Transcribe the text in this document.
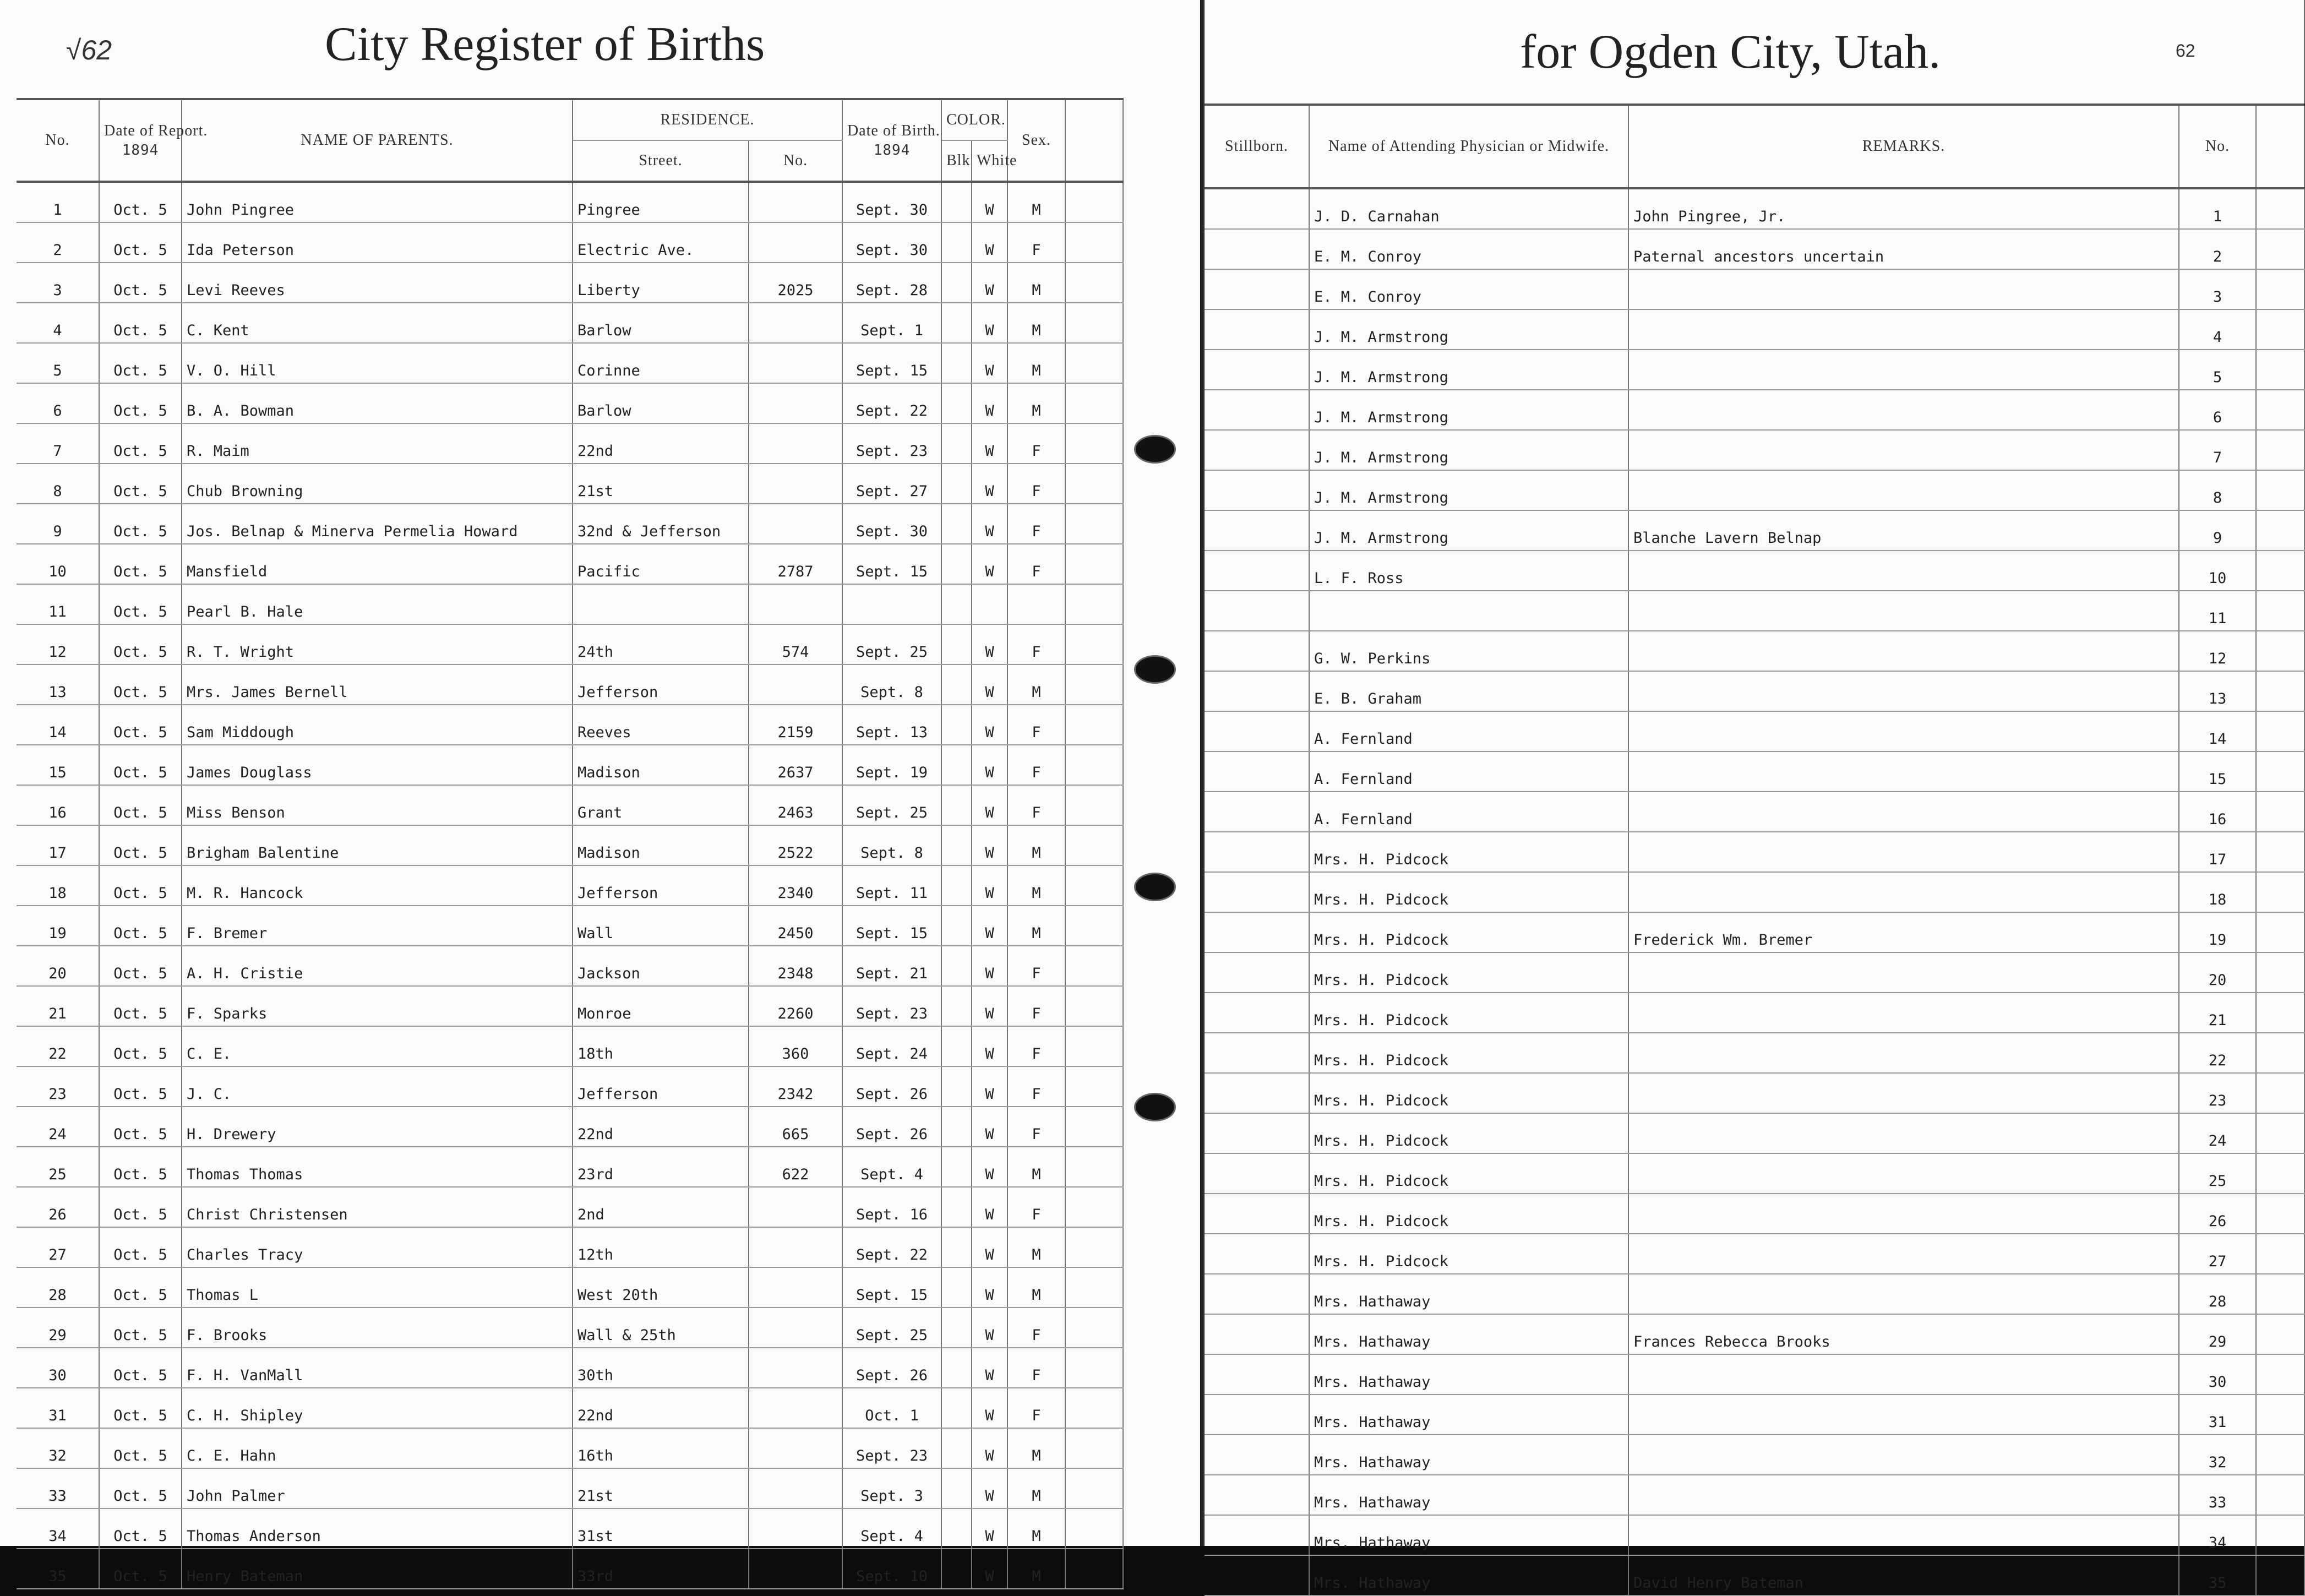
√62	City Register of Births
No.	Date of Report.
1894	NAME OF PARENTS.	RESIDENCE.		Date of Birth.
1894	COLOR.		Sex.	
			Street.	No.		Blk	White		
1	Oct. 5	John Pingree	Pingree		Sept. 30		W	M	
2	Oct. 5	Ida Peterson	Electric Ave.		Sept. 30		W	F	
3	Oct. 5	Levi Reeves	Liberty	2025	Sept. 28		W	M	
4	Oct. 5	C. Kent	Barlow		Sept. 1		W	M	
5	Oct. 5	V. O. Hill	Corinne		Sept. 15		W	M	
6	Oct. 5	B. A. Bowman	Barlow		Sept. 22		W	M	
7	Oct. 5	R. Maim	22nd		Sept. 23		W	F	
8	Oct. 5	Chub Browning	21st		Sept. 27		W	F	
9	Oct. 5	Jos. Belnap & Minerva Permelia Howard	32nd & Jefferson		Sept. 30		W	F	
10	Oct. 5	Mansfield	Pacific	2787	Sept. 15		W	F	
11	Oct. 5	Pearl B. Hale							
12	Oct. 5	R. T. Wright	24th	574	Sept. 25		W	F	
13	Oct. 5	Mrs. James Bernell	Jefferson		Sept. 8		W	M	
14	Oct. 5	Sam Middough	Reeves	2159	Sept. 13		W	F	
15	Oct. 5	James Douglass	Madison	2637	Sept. 19		W	F	
16	Oct. 5	Miss Benson	Grant	2463	Sept. 25		W	F	
17	Oct. 5	Brigham Balentine	Madison	2522	Sept. 8		W	M	
18	Oct. 5	M. R. Hancock	Jefferson	2340	Sept. 11		W	M	
19	Oct. 5	F. Bremer	Wall	2450	Sept. 15		W	M	
20	Oct. 5	A. H. Cristie	Jackson	2348	Sept. 21		W	F	
21	Oct. 5	F. Sparks	Monroe	2260	Sept. 23		W	F	
22	Oct. 5	C. E.	18th	360	Sept. 24		W	F	
23	Oct. 5	J. C.	Jefferson	2342	Sept. 26		W	F	
24	Oct. 5	H. Drewery	22nd	665	Sept. 26		W	F	
25	Oct. 5	Thomas Thomas	23rd	622	Sept. 4		W	M	
26	Oct. 5	Christ Christensen	2nd		Sept. 16		W	F	
27	Oct. 5	Charles Tracy	12th		Sept. 22		W	M	
28	Oct. 5	Thomas L	West 20th		Sept. 15		W	M	
29	Oct. 5	F. Brooks	Wall & 25th		Sept. 25		W	F	
30	Oct. 5	F. H. VanMall	30th		Sept. 26		W	F	
31	Oct. 5	C. H. Shipley	22nd		Oct. 1		W	F	
32	Oct. 5	C. E. Hahn	16th		Sept. 23		W	M	
33	Oct. 5	John Palmer	21st		Sept. 3		W	M	
34	Oct. 5	Thomas Anderson	31st		Sept. 4		W	M	
35	Oct. 5	Henry Bateman	33rd		Sept. 10		W	M	
for Ogden City, Utah.	62
Stillborn.	Name of Attending Physician or Midwife.	REMARKS.	No.	
	J. D. Carnahan	John Pingree, Jr.	1	
	E. M. Conroy	Paternal ancestors uncertain	2	
	E. M. Conroy		3	
	J. M. Armstrong		4	
	J. M. Armstrong		5	
	J. M. Armstrong		6	
	J. M. Armstrong		7	
	J. M. Armstrong		8	
	J. M. Armstrong	Blanche Lavern Belnap	9	
	L. F. Ross		10	
			11	
	G. W. Perkins		12	
	E. B. Graham		13	
	A. Fernland		14	
	A. Fernland		15	
	A. Fernland		16	
	Mrs. H. Pidcock		17	
	Mrs. H. Pidcock		18	
	Mrs. H. Pidcock	Frederick Wm. Bremer	19	
	Mrs. H. Pidcock		20	
	Mrs. H. Pidcock		21	
	Mrs. H. Pidcock		22	
	Mrs. H. Pidcock		23	
	Mrs. H. Pidcock		24	
	Mrs. H. Pidcock		25	
	Mrs. H. Pidcock		26	
	Mrs. H. Pidcock		27	
	Mrs. Hathaway		28	
	Mrs. Hathaway	Frances Rebecca Brooks	29	
	Mrs. Hathaway		30	
	Mrs. Hathaway		31	
	Mrs. Hathaway		32	
	Mrs. Hathaway		33	
	Mrs. Hathaway		34	
	Mrs. Hathaway	David Henry Bateman	35	
